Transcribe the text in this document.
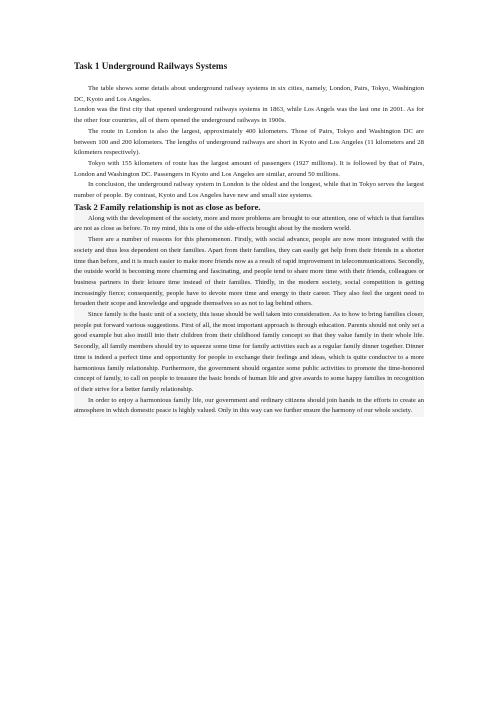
Task 1 Underground Railways Systems

The table shows some details about underground railway systems in six cities, namely, London, Pairs, Tokyo, Washington DC, Kyoto and Los Angeles.

London was the first city that opened underground railways systems in 1863, while Los Angels was the last one in 2001. As for the other four countries, all of them opened the underground railways in 1900s.

The route in London is also the largest, approximately 400 kilometers. Those of Pairs, Tokyo and Washington DC are between 100 and 200 kilometers. The lengths of underground railways are short in Kyoto and Los Angeles (11 kilometers and 28 kilometers respectively).

Tokyo with 155 kilometers of route has the largest amount of passengers (1927 millions). It is followed by that of Pairs, London and Washington DC. Passengers in Kyoto and Los Angeles are similar, around 50 millions.

In conclusion, the underground railway system in London is the oldest and the longest, while that in Tokyo serves the largest number of people. By contrast, Kyoto and Los Angeles have new and small size systems.

Task 2 Family relationship is not as close as before.

Along with the development of the society, more and more problems are brought to our attention, one of which is that families are not as close as before. To my mind, this is one of the side-effects brought about by the modern world.

There are a number of reasons for this phenomenon. Firstly, with social advance, people are now more integrated with the society and thus less dependent on their families. Apart from their families, they can easily get help from their friends in a shorter time than before, and it is much easier to make more friends now as a result of rapid improvement in telecommunications. Secondly, the outside world is becoming more charming and fascinating, and people tend to share more time with their friends, colleagues or business partners in their leisure time instead of their families. Thirdly, in the modern society, social competition is getting increasingly fierce; consequently, people have to devote more time and energy to their career. They also feel the urgent need to broaden their scope and knowledge and upgrade themselves so as not to lag behind others.

Since family is the basic unit of a society, this issue should be well taken into consideration. As to how to bring families closer, people put forward various suggestions. First of all, the most important approach is through education. Parents should not only set a good example but also instill into their children from their childhood family concept so that they value family in their whole life. Secondly, all family members should try to squeeze some time for family activities such as a regular family dinner together. Dinner time is indeed a perfect time and opportunity for people to exchange their feelings and ideas, which is quite conducive to a more harmonious family relationship. Furthermore, the government should organize some public activities to promote the time-honored concept of family, to call on people to treasure the basic bonds of human life and give awards to some happy families in recognition of their strive for a better family relationship.

In order to enjoy a harmonious family life, our government and ordinary citizens should join hands in the efforts to create an atmosphere in which domestic peace is highly valued. Only in this way can we further ensure the harmony of our whole society.
